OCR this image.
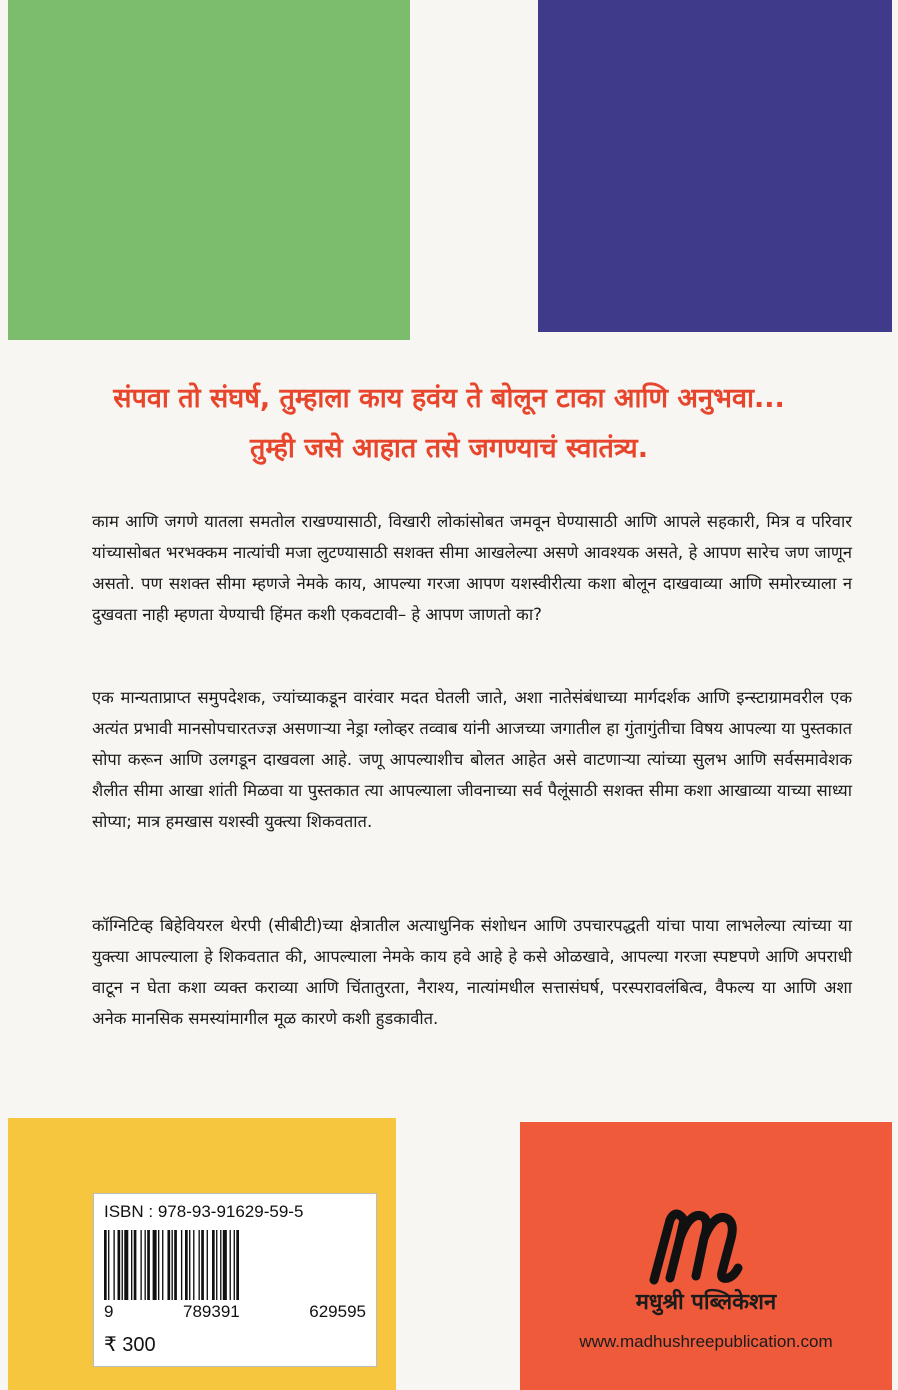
संपवा तो संघर्ष, तुम्हाला काय हवंय ते बोलून टाका आणि अनुभवा...
तुम्ही जसे आहात तसे जगण्याचं स्वातंत्र्य.

काम आणि जगणे यातला समतोल राखण्यासाठी, विखारी लोकांसोबत जमवून घेण्यासाठी आणि आपले सहकारी, मित्र व परिवार यांच्यासोबत भरभक्कम नात्यांची मजा लुटण्यासाठी सशक्त सीमा आखलेल्या असणे आवश्यक असते, हे आपण सारेच जण जाणून असतो. पण सशक्त सीमा म्हणजे नेमके काय, आपल्या गरजा आपण यशस्वीरीत्या कशा बोलून दाखवाव्या आणि समोरच्याला न दुखवता नाही म्हणता येण्याची हिंमत कशी एकवटावी– हे आपण जाणतो का?

एक मान्यताप्राप्त समुपदेशक, ज्यांच्याकडून वारंवार मदत घेतली जाते, अशा नातेसंबंधाच्या मार्गदर्शक आणि इन्स्टाग्रामवरील एक अत्यंत प्रभावी मानसोपचारतज्ज्ञ असणाऱ्या नेड्रा ग्लोव्हर तव्वाब यांनी आजच्या जगातील हा गुंतागुंतीचा विषय आपल्या या पुस्तकात सोपा करून आणि उलगडून दाखवला आहे. जणू आपल्याशीच बोलत आहेत असे वाटणाऱ्या त्यांच्या सुलभ आणि सर्वसमावेशक शैलीत सीमा आखा शांती मिळवा या पुस्तकात त्या आपल्याला जीवनाच्या सर्व पैलूंसाठी सशक्त सीमा कशा आखाव्या याच्या साध्या सोप्या; मात्र हमखास यशस्वी युक्त्या शिकवतात.

कॉग्निटिव्ह बिहेवियरल थेरपी (सीबीटी)च्या क्षेत्रातील अत्याधुनिक संशोधन आणि उपचारपद्धती यांचा पाया लाभलेल्या त्यांच्या या युक्त्या आपल्याला हे शिकवतात की, आपल्याला नेमके काय हवे आहे हे कसे ओळखावे, आपल्या गरजा स्पष्टपणे आणि अपराधी वाटून न घेता कशा व्यक्त कराव्या आणि चिंतातुरता, नैराश्य, नात्यांमधील सत्तासंघर्ष, परस्परावलंबित्व, वैफल्य या आणि अशा अनेक मानसिक समस्यांमागील मूळ कारणे कशी हुडकावीत.

ISBN : 978-93-91629-59-5
9	789391	629595
₹ 300
मधुश्री पब्लिकेशन
www.madhushreepublication.com
